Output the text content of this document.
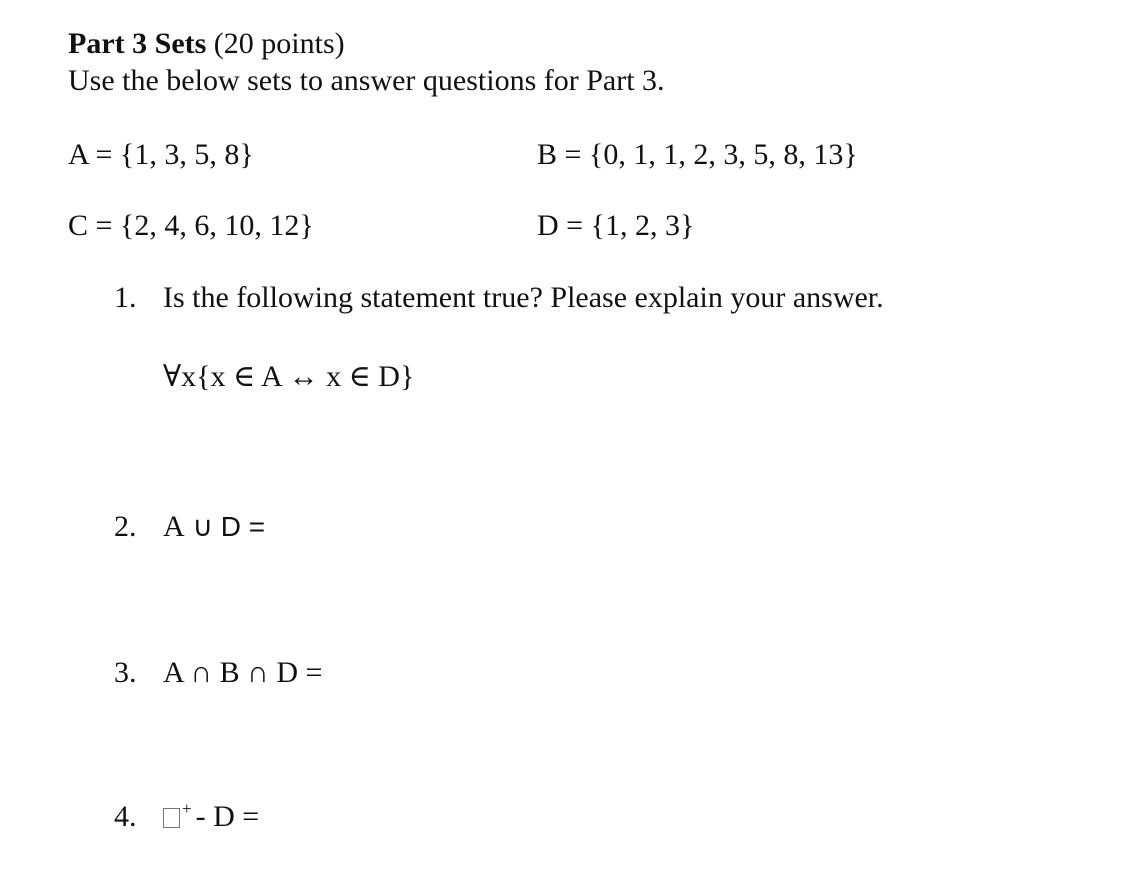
Part 3 Sets (20 points)
Use the below sets to answer questions for Part 3.
A = {1, 3, 5, 8}	B = {0, 1, 1, 2, 3, 5, 8, 13}
C = {2, 4, 6, 10, 12}	D = {1, 2, 3}
1. Is the following statement true? Please explain your answer.
∀x{x ∈ A ↔ x ∈ D}
2. A ∪ D =
3. A ∩ B ∩ D =
4.	+ - D =
